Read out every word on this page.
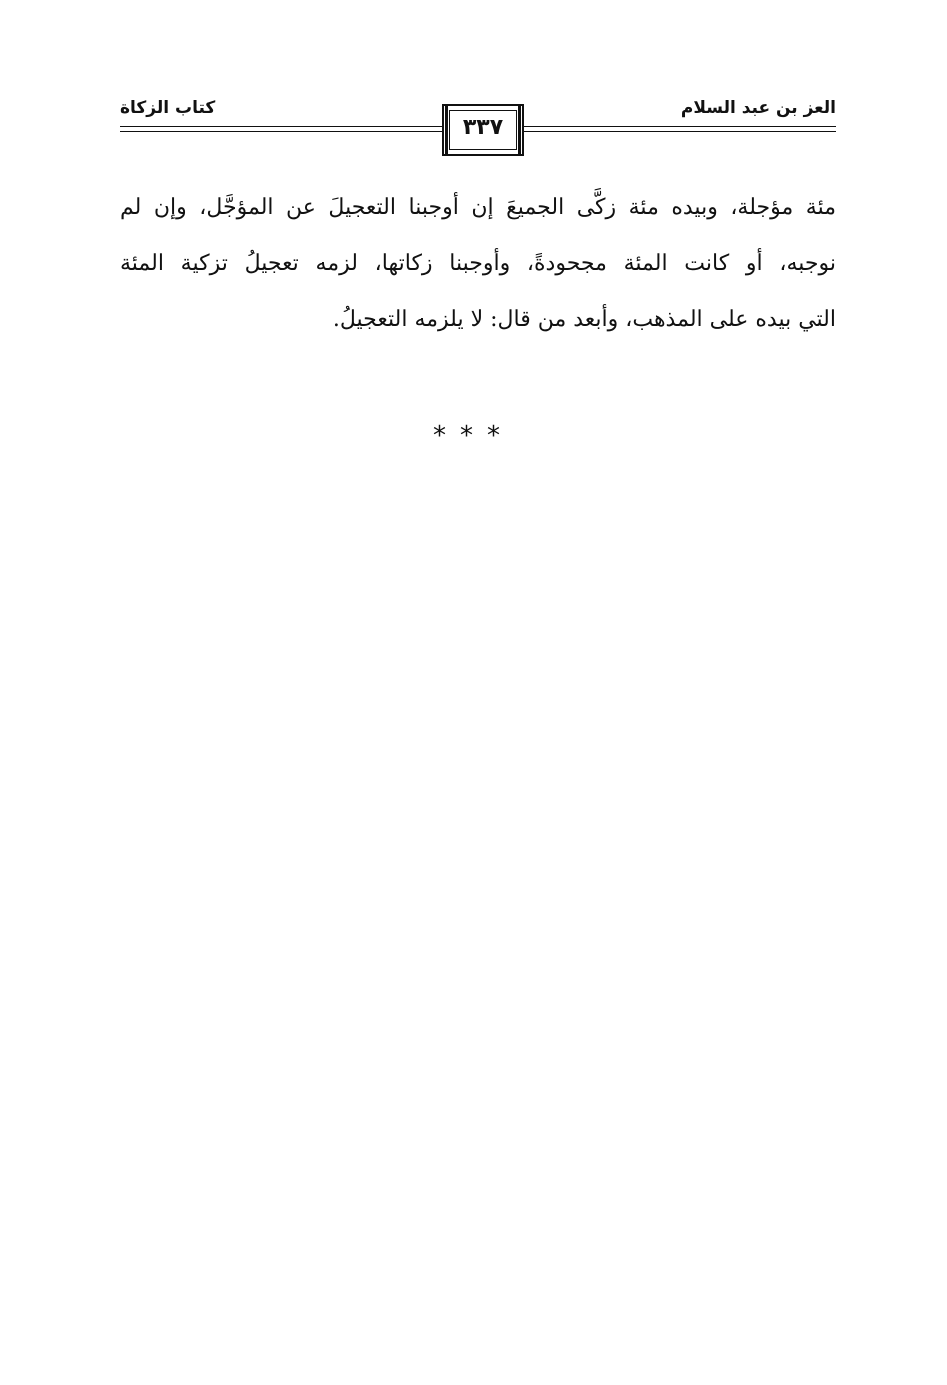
العز بن عبد السلام
كتاب الزكاة
٣٣٧
مئة مؤجلة، وبيده مئة زكَّى الجميعَ إن أوجبنا التعجيلَ عن المؤجَّل، وإن لم
نوجبه، أو كانت المئة مجحودةً، وأوجبنا زكاتها، لزمه تعجيلُ تزكية المئة
التي بيده على المذهب، وأبعد من قال: لا يلزمه التعجيلُ.
***
